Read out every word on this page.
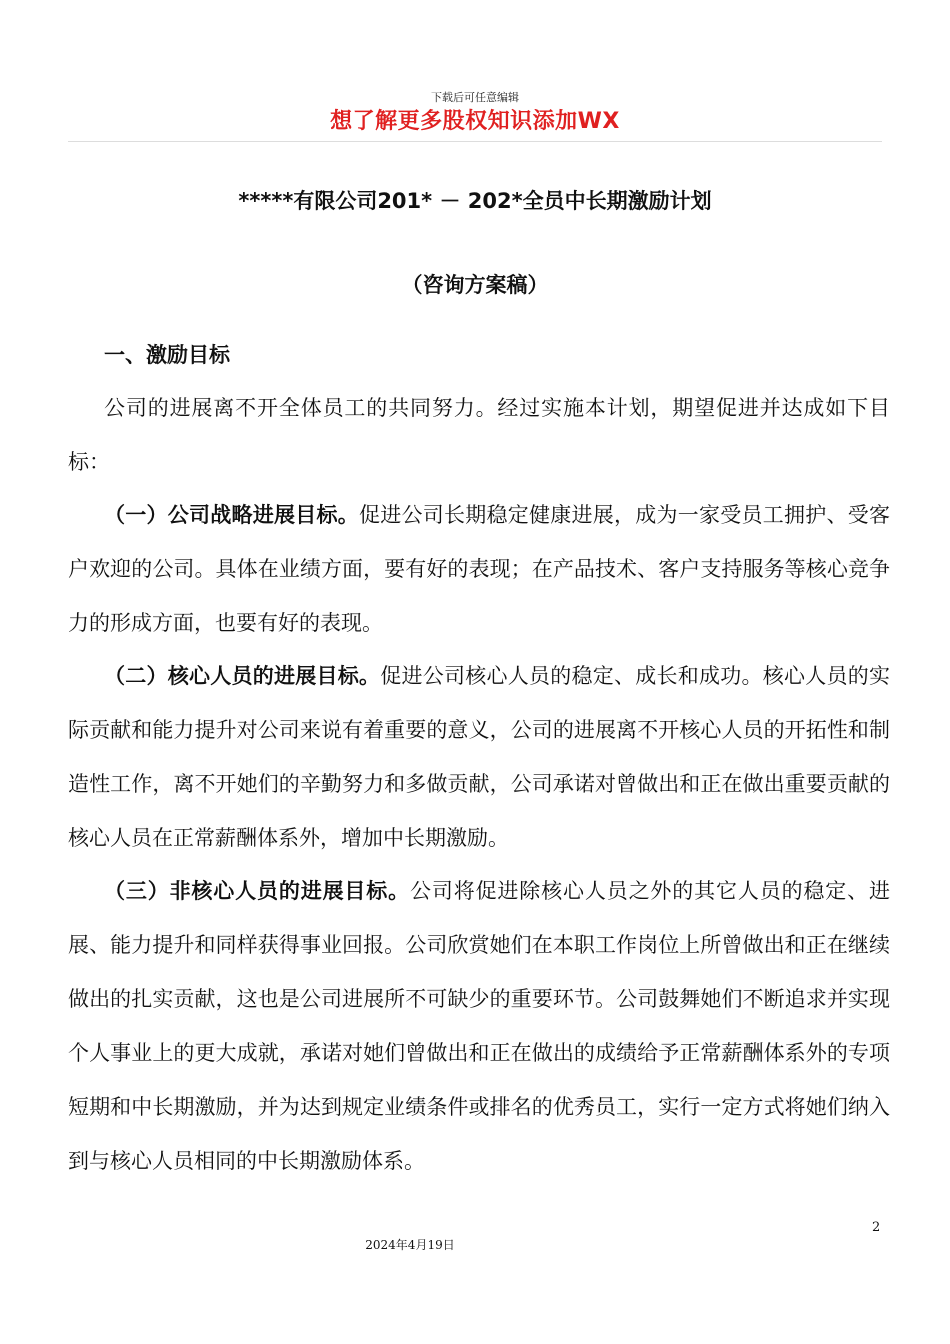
下载后可任意编辑
想了解更多股权知识添加WX
*****有限公司201* － 202*全员中长期激励计划
（咨询方案稿）
一、激励目标

公司的进展离不开全体员工的共同努力。经过实施本计划，期望促进并达成如下目标：

（一）公司战略进展目标。促进公司长期稳定健康进展，成为一家受员工拥护、受客户欢迎的公司。具体在业绩方面，要有好的表现；在产品技术、客户支持服务等核心竞争力的形成方面，也要有好的表现。

（二）核心人员的进展目标。促进公司核心人员的稳定、成长和成功。核心人员的实际贡献和能力提升对公司来说有着重要的意义，公司的进展离不开核心人员的开拓性和制造性工作，离不开她们的辛勤努力和多做贡献，公司承诺对曾做出和正在做出重要贡献的核心人员在正常薪酬体系外，增加中长期激励。

（三）非核心人员的进展目标。公司将促进除核心人员之外的其它人员的稳定、进展、能力提升和同样获得事业回报。公司欣赏她们在本职工作岗位上所曾做出和正在继续做出的扎实贡献，这也是公司进展所不可缺少的重要环节。公司鼓舞她们不断追求并实现个人事业上的更大成就，承诺对她们曾做出和正在做出的成绩给予正常薪酬体系外的专项短期和中长期激励，并为达到规定业绩条件或排名的优秀员工，实行一定方式将她们纳入到与核心人员相同的中长期激励体系。

2
2024年4月19日
